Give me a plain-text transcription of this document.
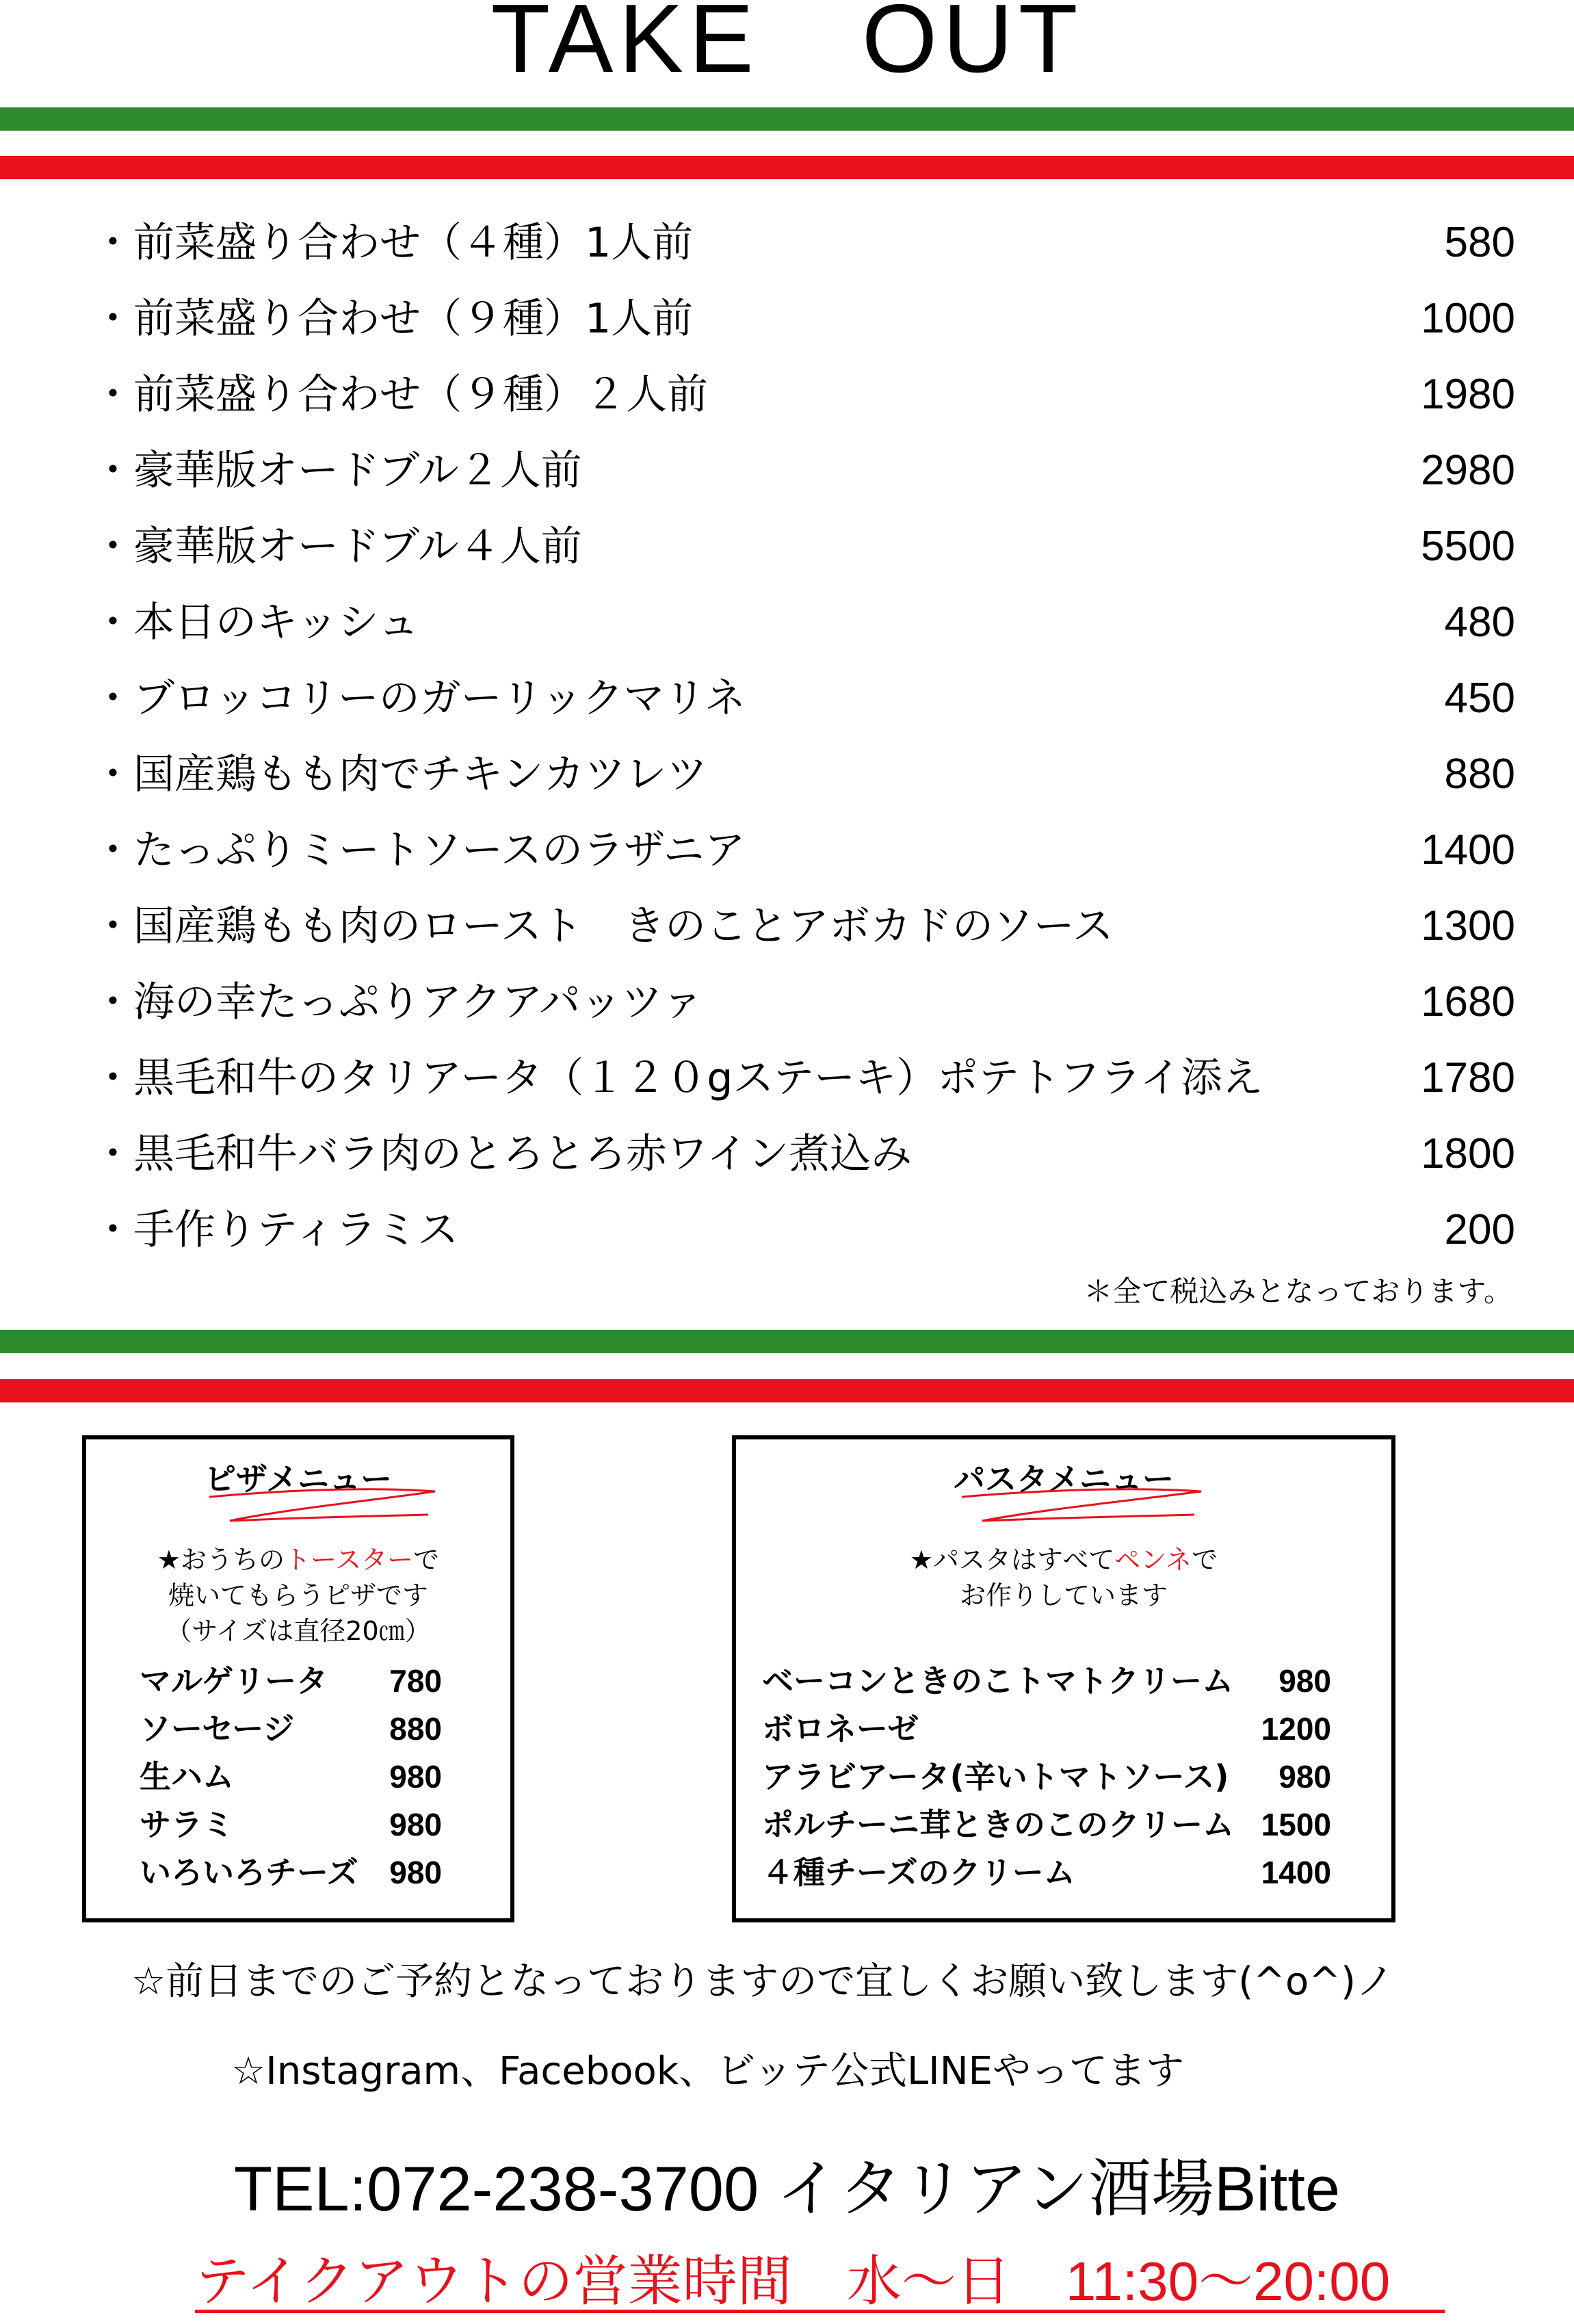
TAKE　OUT
・前菜盛り合わせ（４種）1人前	580
・前菜盛り合わせ（９種）1人前	1000
・前菜盛り合わせ（９種）２人前	1980
・豪華版オードブル２人前	2980
・豪華版オードブル４人前	5500
・本日のキッシュ	480
・ブロッコリーのガーリックマリネ	450
・国産鶏もも肉でチキンカツレツ	880
・たっぷりミートソースのラザニア	1400
・国産鶏もも肉のロースト　きのことアボカドのソース	1300
・海の幸たっぷりアクアパッツァ	1680
・黒毛和牛のタリアータ（１２０gステーキ）ポテトフライ添え	1780
・黒毛和牛バラ肉のとろとろ赤ワイン煮込み	1800
・手作りティラミス	200
＊全て税込みとなっております。
ピザメニュー
★おうちのトースターで
焼いてもらうピザです
（サイズは直径20㎝）
マルゲリータ	780
ソーセージ	880
生ハム	980
サラミ	980
いろいろチーズ 980
パスタメニュー
★パスタはすべてペンネで
お作りしています
ベーコンときのこトマトクリーム	980
ボロネーゼ	1200
アラビアータ(辛いトマトソース)	980
ポルチーニ茸ときのこのクリーム 1500
４種チーズのクリーム	1400
☆前日までのご予約となっておりますので宜しくお願い致します(^o^)ノ
☆Instagram、Facebook、ビッテ公式LINEやってます
TEL:072-238-3700 イタリアン酒場Bitte
テイクアウトの営業時間　水～日　11:30～20:00　
